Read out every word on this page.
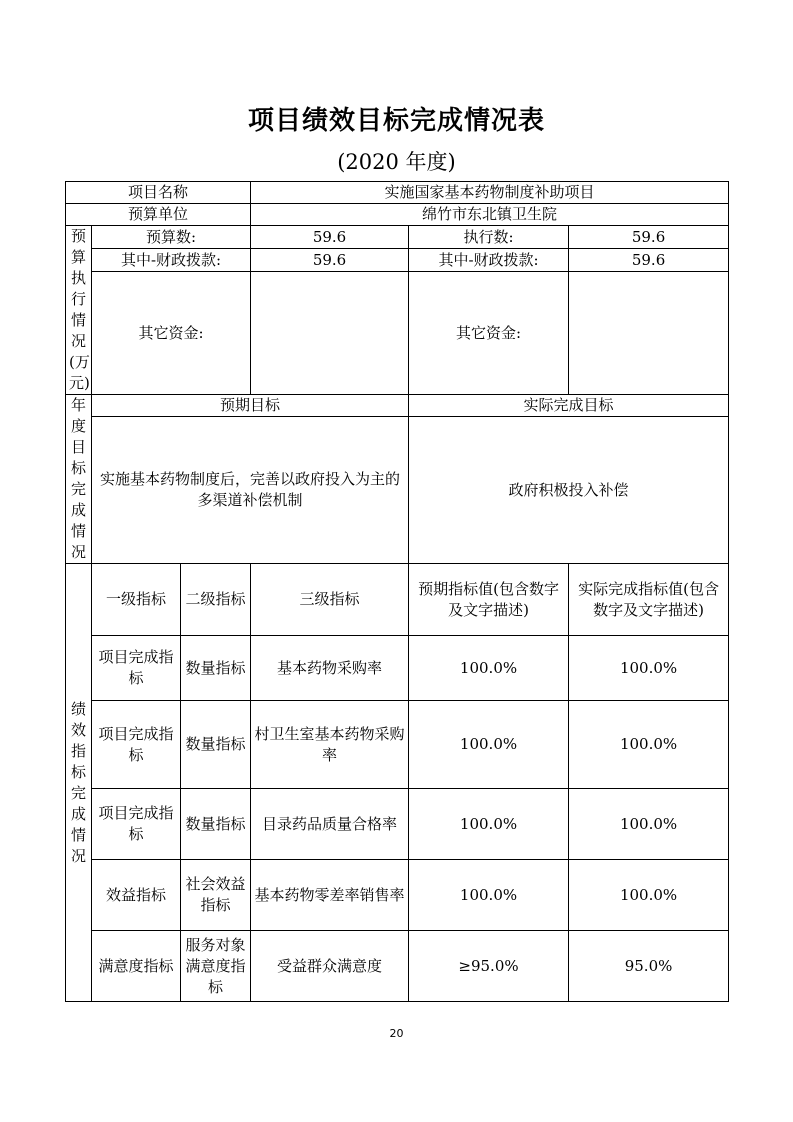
项目绩效目标完成情况表
(2020 年度)
项目名称			实施国家基本药物制度补助项目		
预算单位			绵竹市东北镇卫生院		
预算执行情况(万元)	预算数:		59.6	执行数:	59.6
	其中-财政拨款:		59.6	其中-财政拨款:	59.6
	其它资金:			其它资金:	
年度目标完成情况	预期目标			实际完成目标	
	实施基本药物制度后，完善以政府投入为主的多渠道补偿机制			政府积极投入补偿	
绩效指标完成情况	一级指标	二级指标	三级指标	预期指标值(包含数字及文字描述)	实际完成指标值(包含数字及文字描述)
	项目完成指标	数量指标	基本药物采购率	100.0%	100.0%
	项目完成指标	数量指标	村卫生室基本药物采购率	100.0%	100.0%
	项目完成指标	数量指标	目录药品质量合格率	100.0%	100.0%
	效益指标	社会效益指标	基本药物零差率销售率	100.0%	100.0%
	满意度指标	服务对象满意度指标	受益群众满意度	≥95.0%	95.0%
20
